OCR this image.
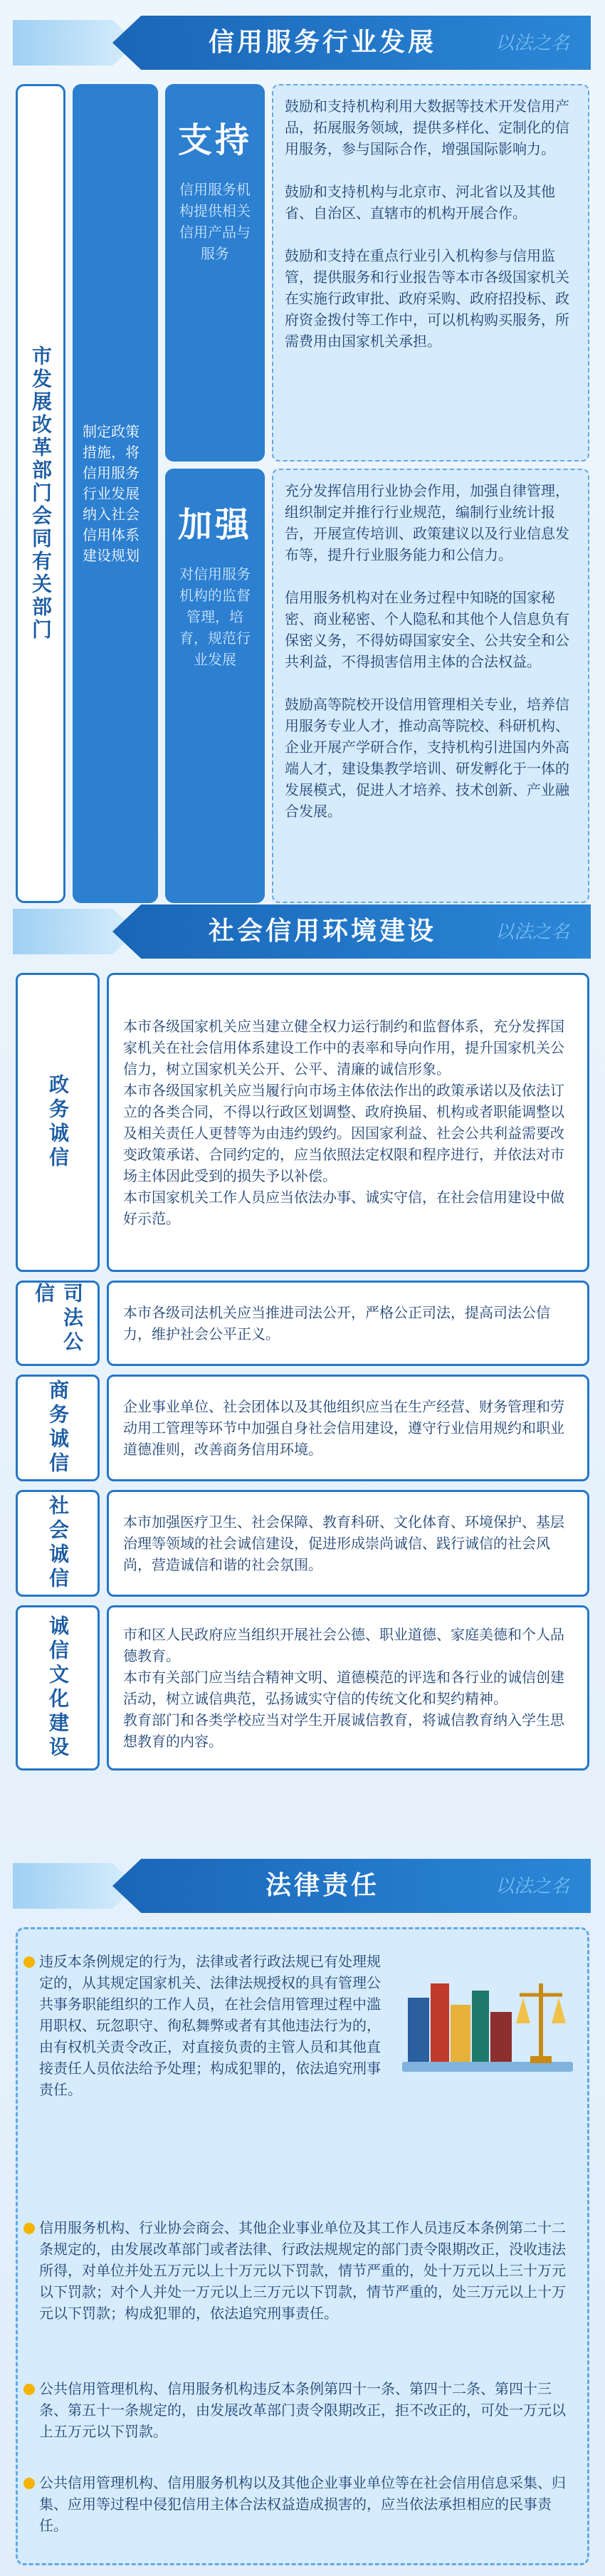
信用服务行业发展	以法之名
市发展改革部门会同有关部门 制定政策措施，将信用服务行业发展纳入社会信用体系建设规划

支持
信用服务机构提供相关信用产品与服务

鼓励和支持机构利用大数据等技术开发信用产品，拓展服务领域，提供多样化、定制化的信用服务，参与国际合作，增强国际影响力。

鼓励和支持机构与北京市、河北省以及其他省、自治区、直辖市的机构开展合作。

鼓励和支持在重点行业引入机构参与信用监管，提供服务和行业报告等本市各级国家机关在实施行政审批、政府采购、政府招投标、政府资金拨付等工作中，可以机构购买服务，所需费用由国家机关承担。

加强
对信用服务机构的监督管理，培育，规范行业发展

充分发挥信用行业协会作用，加强自律管理，组织制定并推行行业规范，编制行业统计报告，开展宣传培训、政策建议以及行业信息发布等，提升行业服务能力和公信力。

信用服务机构对在业务过程中知晓的国家秘密、商业秘密、个人隐私和其他个人信息负有保密义务，不得妨碍国家安全、公共安全和公共利益，不得损害信用主体的合法权益。

鼓励高等院校开设信用管理相关专业，培养信用服务专业人才，推动高等院校、科研机构、企业开展产学研合作，支持机构引进国内外高端人才，建设集教学培训、研发孵化于一体的发展模式，促进人才培养、技术创新、产业融合发展。

社会信用环境建设	以法之名
政务诚信

本市各级国家机关应当建立健全权力运行制约和监督体系，充分发挥国家机关在社会信用体系建设工作中的表率和导向作用，提升国家机关公信力，树立国家机关公开、公平、清廉的诚信形象。

本市各级国家机关应当履行向市场主体依法作出的政策承诺以及依法订立的各类合同，不得以行政区划调整、政府换届、机构或者职能调整以及相关责任人更替等为由违约毁约。因国家利益、社会公共利益需要改变政策承诺、合同约定的，应当依照法定权限和程序进行，并依法对市场主体因此受到的损失予以补偿。

本市国家机关工作人员应当依法办事、诚实守信，在社会信用建设中做好示范。

司法公信

本市各级司法机关应当推进司法公开，严格公正司法，提高司法公信力，维护社会公平正义。

商务诚信	企业事业单位、社会团体以及其他组织应当在生产经营、财务管理和劳动用工管理等环节中加强自身社会信用建设，遵守行业信用规约和职业道德准则，改善商务信用环境。

社会诚信	本市加强医疗卫生、社会保障、教育科研、文化体育、环境保护、基层治理等领域的社会诚信建设，促进形成崇尚诚信、践行诚信的社会风尚，营造诚信和谐的社会氛围。

诚信文化建设	市和区人民政府应当组织开展社会公德、职业道德、家庭美德和个人品德教育。

本市有关部门应当结合精神文明、道德模范的评选和各行业的诚信创建活动，树立诚信典范，弘扬诚实守信的传统文化和契约精神。

教育部门和各类学校应当对学生开展诚信教育，将诚信教育纳入学生思想教育的内容。

法律责任	以法之名

违反本条例规定的行为，法律或者行政法规已有处理规定的，从其规定国家机关、法律法规授权的具有管理公共事务职能组织的工作人员，在社会信用管理过程中滥用职权、玩忽职守、徇私舞弊或者有其他违法行为的，由有权机关责令改正，对直接负责的主管人员和其他直接责任人员依法给予处理；构成犯罪的，依法追究刑事责任。

信用服务机构、行业协会商会、其他企业事业单位及其工作人员违反本条例第二十二条规定的，由发展改革部门或者法律、行政法规规定的部门责令限期改正，没收违法所得，对单位并处五万元以上十万元以下罚款，情节严重的，处十万元以上三十万元以下罚款；对个人并处一万元以上三万元以下罚款，情节严重的，处三万元以上十万元以下罚款；构成犯罪的，依法追究刑事责任。

公共信用管理机构、信用服务机构违反本条例第四十一条、第四十二条、第四十三条、第五十一条规定的，由发展改革部门责令限期改正，拒不改正的，可处一万元以上五万元以下罚款。

公共信用管理机构、信用服务机构以及其他企业事业单位等在社会信用信息采集、归集、应用等过程中侵犯信用主体合法权益造成损害的，应当依法承担相应的民事责任。
